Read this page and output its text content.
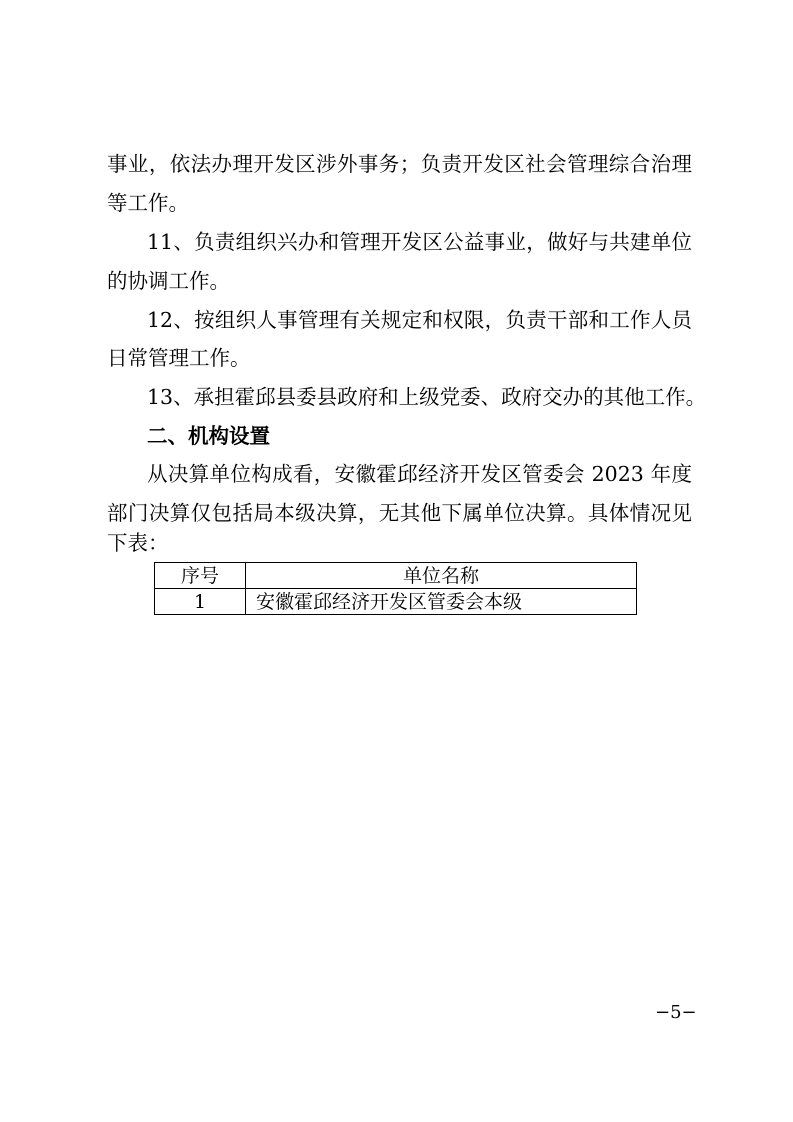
事业，依法办理开发区涉外事务；负责开发区社会管理综合治理
等工作。
11、负责组织兴办和管理开发区公益事业，做好与共建单位
的协调工作。
12、按组织人事管理有关规定和权限，负责干部和工作人员
日常管理工作。
13、承担霍邱县委县政府和上级党委、政府交办的其他工作。
二、机构设置
从决算单位构成看，安徽霍邱经济开发区管委会 2023 年度
部门决算仅包括局本级决算，无其他下属单位决算。具体情况见
下表：
序号	单位名称
1	安徽霍邱经济开发区管委会本级
−5−
